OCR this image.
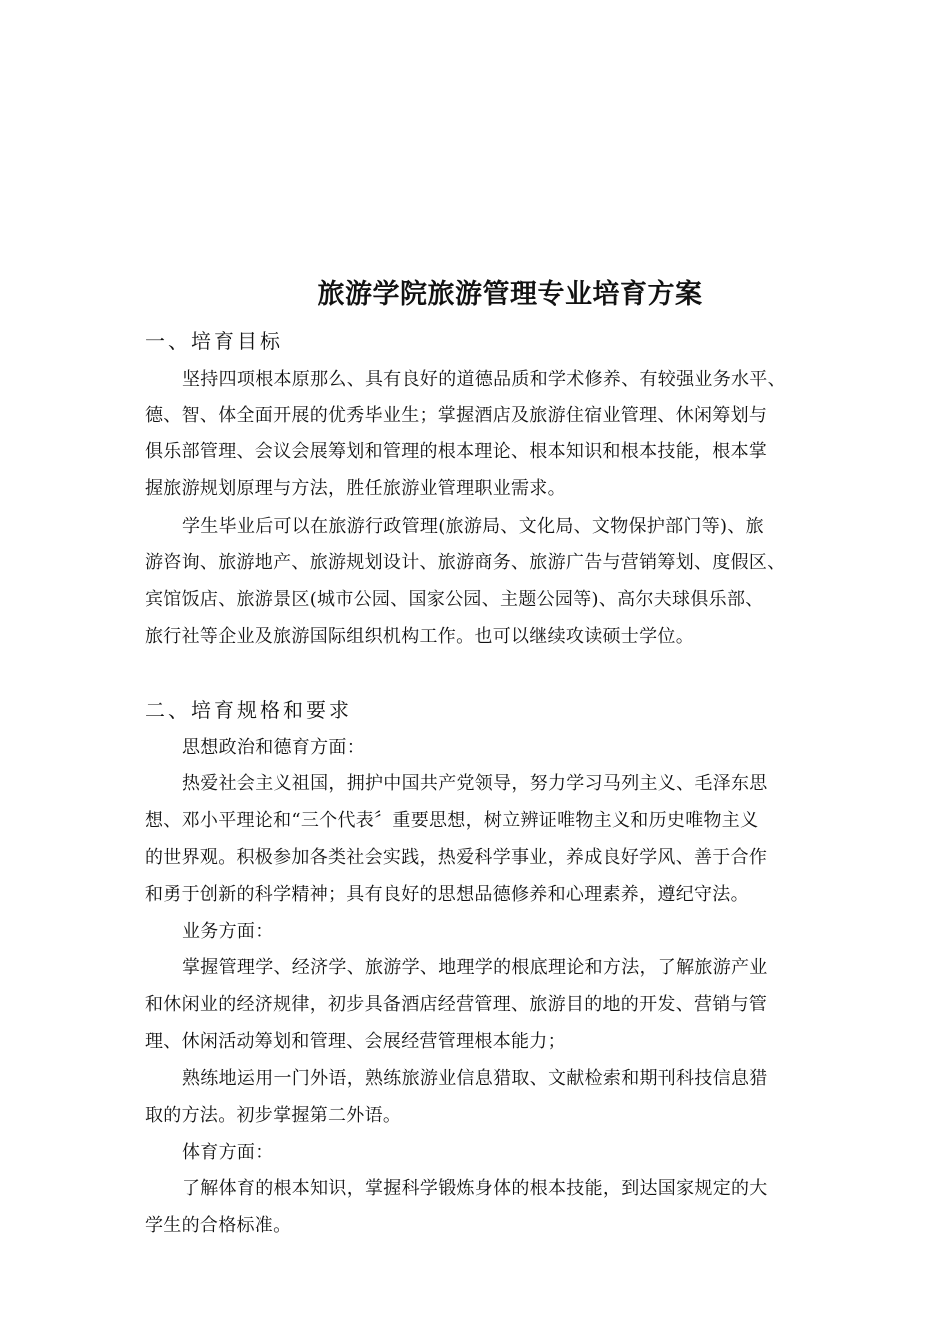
旅游学院旅游管理专业培育方案
一、培育目标
坚持四项根本原那么、具有良好的道德品质和学术修养、有较强业务水平、
德、智、体全面开展的优秀毕业生；掌握酒店及旅游住宿业管理、休闲筹划与
俱乐部管理、会议会展筹划和管理的根本理论、根本知识和根本技能，根本掌
握旅游规划原理与方法，胜任旅游业管理职业需求。
学生毕业后可以在旅游行政管理(旅游局、文化局、文物保护部门等)、旅
游咨询、旅游地产、旅游规划设计、旅游商务、旅游广告与营销筹划、度假区、
宾馆饭店、旅游景区(城市公园、国家公园、主题公园等)、高尔夫球俱乐部、
旅行社等企业及旅游国际组织机构工作。也可以继续攻读硕士学位。
二、培育规格和要求
思想政治和德育方面：
热爱社会主义祖国，拥护中国共产党领导，努力学习马列主义、毛泽东思
想、邓小平理论和“三个代表〞重要思想，树立辨证唯物主义和历史唯物主义
的世界观。积极参加各类社会实践，热爱科学事业，养成良好学风、善于合作
和勇于创新的科学精神；具有良好的思想品德修养和心理素养，遵纪守法。
业务方面：
掌握管理学、经济学、旅游学、地理学的根底理论和方法，了解旅游产业
和休闲业的经济规律，初步具备酒店经营管理、旅游目的地的开发、营销与管
理、休闲活动筹划和管理、会展经营管理根本能力；
熟练地运用一门外语，熟练旅游业信息猎取、文献检索和期刊科技信息猎
取的方法。初步掌握第二外语。
体育方面：
了解体育的根本知识，掌握科学锻炼身体的根本技能，到达国家规定的大
学生的合格标准。
